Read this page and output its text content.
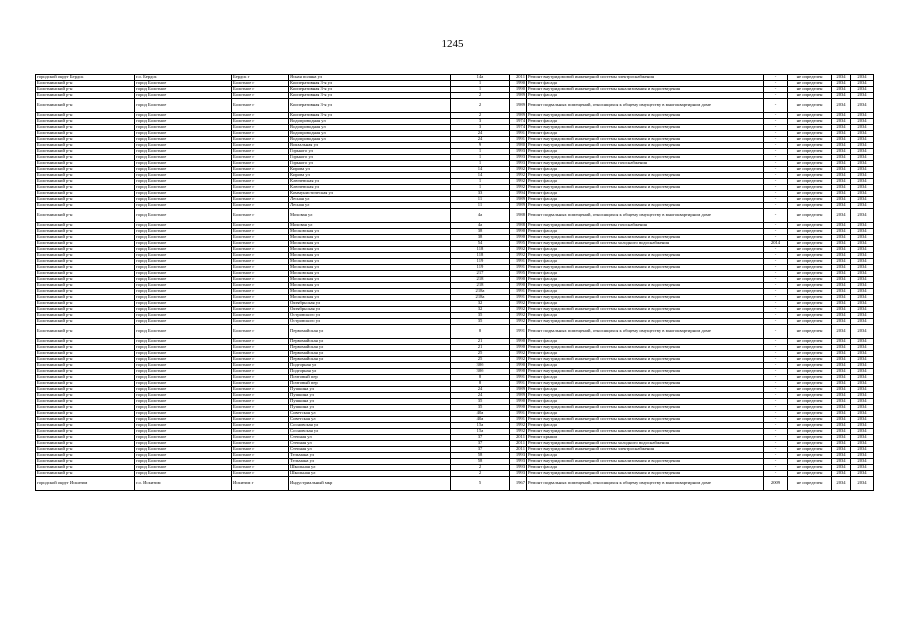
1245
городской округ Бердск	г.о. Бердск	Бердск г	Ясная поляна ул	14а	2011	Ремонт внутридомовой инженерной системы электроснабжения	-	не определен	2034	2034
Болотнинский р-н	город Болотное	Болотное г	Кооперативная 3-я ул	1	1990	Ремонт фасада	-	не определен	2034	2034
Болотнинский р-н	город Болотное	Болотное г	Кооперативная 3-я ул	1	1990	Ремонт внутридомовой инженерной системы канализования и водоотведения	-	не определен	2034	2034
Болотнинский р-н	город Болотное	Болотное г	Кооперативная 3-я ул	2	1989	Ремонт фасада	-	не определен	2034	2034
Болотнинский р-н	город Болотное	Болотное г	Кооперативная 3-я ул	2	1989	Ремонт подвальных помещений, относящихся к общему имуществу в многоквартирном доме	-	не определен	2034	2034
Болотнинский р-н	город Болотное	Болотное г	Кооперативная 3-я ул	2	1989	Ремонт внутридомовой инженерной системы канализования и водоотведения	-	не определен	2034	2034
Болотнинский р-н	город Болотное	Болотное г	Водопроводная ул	3	1974	Ремонт фасада	-	не определен	2034	2034
Болотнинский р-н	город Болотное	Болотное г	Водопроводная ул	3	1974	Ремонт внутридомовой инженерной системы канализования и водоотведения	-	не определен	2034	2034
Болотнинский р-н	город Болотное	Болотное г	Водопроводная ул	24	1991	Ремонт фасада	-	не определен	2034	2034
Болотнинский р-н	город Болотное	Болотное г	Водопроводная ул	24	1991	Ремонт внутридомовой инженерной системы канализования и водоотведения	-	не определен	2034	2034
Болотнинский р-н	город Болотное	Болотное г	Вокзальная ул	9	1980	Ремонт внутридомовой инженерной системы канализования и водоотведения	-	не определен	2034	2034
Болотнинский р-н	город Болотное	Болотное г	Горького ул	1	1993	Ремонт фасада	-	не определен	2034	2034
Болотнинский р-н	город Болотное	Болотное г	Горького ул	1	1993	Ремонт внутридомовой инженерной системы канализования и водоотведения	-	не определен	2034	2034
Болотнинский р-н	город Болотное	Болотное г	Горького ул	1	1993	Ремонт внутридомовой инженерной системы газоснабжения	-	не определен	2034	2034
Болотнинский р-н	город Болотное	Болотное г	Кирова ул	14	1992	Ремонт фасада	-	не определен	2034	2034
Болотнинский р-н	город Болотное	Болотное г	Кирова ул	14	1992	Ремонт внутридомовой инженерной системы канализования и водоотведения	-	не определен	2034	2034
Болотнинский р-н	город Болотное	Болотное г	Ключевская ул	1	1992	Ремонт фасада	-	не определен	2034	2034
Болотнинский р-н	город Болотное	Болотное г	Ключевская ул	1	1992	Ремонт внутридомовой инженерной системы канализования и водоотведения	-	не определен	2034	2034
Болотнинский р-н	город Болотное	Болотное г	Коммунистическая ул	33	1994	Ремонт фасада	-	не определен	2034	2034
Болотнинский р-н	город Болотное	Болотное г	Лесная ул	11	1989	Ремонт фасада	-	не определен	2034	2034
Болотнинский р-н	город Болотное	Болотное г	Лесная ул	11	1989	Ремонт внутридомовой инженерной системы канализования и водоотведения	-	не определен	2034	2034
Болотнинский р-н	город Болотное	Болотное г	Моховая ул	4а	1988	Ремонт подвальных помещений, относящихся к общему имуществу в многоквартирном доме	-	не определен	2034	2034
Болотнинский р-н	город Болотное	Болотное г	Моховая ул	4а	1988	Ремонт внутридомовой инженерной системы газоснабжения	-	не определен	2034	2034
Болотнинский р-н	город Болотное	Болотное г	Московская ул	38	1990	Ремонт фасада	-	не определен	2034	2034
Болотнинский р-н	город Болотное	Болотное г	Московская ул	38	1990	Ремонт внутридомовой инженерной системы канализования и водоотведения	-	не определен	2034	2034
Болотнинский р-н	город Болотное	Болотное г	Московская ул	54	1995	Ремонт внутридомовой инженерной системы холодного водоснабжения	2014	не определен	2034	2034
Болотнинский р-н	город Болотное	Болотное г	Московская ул	118	1992	Ремонт фасада	-	не определен	2034	2034
Болотнинский р-н	город Болотное	Болотное г	Московская ул	118	1992	Ремонт внутридомовой инженерной системы канализования и водоотведения	-	не определен	2034	2034
Болотнинский р-н	город Болотное	Болотное г	Московская ул	119	1991	Ремонт фасада	-	не определен	2034	2034
Болотнинский р-н	город Болотное	Болотное г	Московская ул	119	1991	Ремонт внутридомовой инженерной системы канализования и водоотведения	-	не определен	2034	2034
Болотнинский р-н	город Болотное	Болотное г	Московская ул	217	1995	Ремонт фасада	-	не определен	2034	2034
Болотнинский р-н	город Болотное	Болотное г	Московская ул	218	1990	Ремонт фасада	-	не определен	2034	2034
Болотнинский р-н	город Болотное	Болотное г	Московская ул	218	1990	Ремонт внутридомовой инженерной системы канализования и водоотведения	-	не определен	2034	2034
Болотнинский р-н	город Болотное	Болотное г	Московская ул	218а	1991	Ремонт фасада	-	не определен	2034	2034
Болотнинский р-н	город Болотное	Болотное г	Московская ул	218а	1991	Ремонт внутридомовой инженерной системы канализования и водоотведения	-	не определен	2034	2034
Болотнинский р-н	город Болотное	Болотное г	Октябрьская ул	32	1992	Ремонт фасада	-	не определен	2034	2034
Болотнинский р-н	город Болотное	Болотное г	Октябрьская ул	32	1992	Ремонт внутридомовой инженерной системы канализования и водоотведения	-	не определен	2034	2034
Болотнинский р-н	город Болотное	Болотное г	Островского ул	35	1992	Ремонт фасада	-	не определен	2034	2034
Болотнинский р-н	город Болотное	Болотное г	Островского ул	35	1992	Ремонт внутридомовой инженерной системы канализования и водоотведения	-	не определен	2034	2034
Болотнинский р-н	город Болотное	Болотное г	Первомайская ул	8	1991	Ремонт подвальных помещений, относящихся к общему имуществу в многоквартирном доме	-	не определен	2034	2034
Болотнинский р-н	город Болотное	Болотное г	Первомайская ул	21	1990	Ремонт фасада	-	не определен	2034	2034
Болотнинский р-н	город Болотное	Болотное г	Первомайская ул	21	1990	Ремонт внутридомовой инженерной системы канализования и водоотведения	-	не определен	2034	2034
Болотнинский р-н	город Болотное	Болотное г	Первомайская ул	25	1992	Ремонт фасада	-	не определен	2034	2034
Болотнинский р-н	город Болотное	Болотное г	Первомайская ул	25	1992	Ремонт внутридомовой инженерной системы канализования и водоотведения	-	не определен	2034	2034
Болотнинский р-н	город Болотное	Болотное г	Подгорная ул	30б	1990	Ремонт фасада	-	не определен	2034	2034
Болотнинский р-н	город Болотное	Болотное г	Подгорная ул	30б	1990	Ремонт внутридомовой инженерной системы канализования и водоотведения	-	не определен	2034	2034
Болотнинский р-н	город Болотное	Болотное г	Почтовый пер	8	1991	Ремонт фасада	-	не определен	2034	2034
Болотнинский р-н	город Болотное	Болотное г	Почтовый пер	8	1991	Ремонт внутридомовой инженерной системы канализования и водоотведения	-	не определен	2034	2034
Болотнинский р-н	город Болотное	Болотное г	Пушкина ул	24	1989	Ремонт фасада	-	не определен	2034	2034
Болотнинский р-н	город Болотное	Болотное г	Пушкина ул	24	1989	Ремонт внутридомовой инженерной системы канализования и водоотведения	-	не определен	2034	2034
Болотнинский р-н	город Болотное	Болотное г	Пушкина ул	35	1990	Ремонт фасада	-	не определен	2034	2034
Болотнинский р-н	город Болотное	Болотное г	Пушкина ул	35	1990	Ремонт внутридомовой инженерной системы канализования и водоотведения	-	не определен	2034	2034
Болотнинский р-н	город Болотное	Болотное г	Советская ул	40а	1991	Ремонт фасада	-	не определен	2034	2034
Болотнинский р-н	город Болотное	Болотное г	Советская ул	40а	1991	Ремонт внутридомовой инженерной системы канализования и водоотведения	-	не определен	2034	2034
Болотнинский р-н	город Болотное	Болотное г	Сосновская ул	15а	1992	Ремонт фасада	-	не определен	2034	2034
Болотнинский р-н	город Болотное	Болотное г	Сосновская ул	15а	1992	Ремонт внутридомовой инженерной системы канализования и водоотведения	-	не определен	2034	2034
Болотнинский р-н	город Болотное	Болотное г	Степная ул	37	2011	Ремонт крыши	-	не определен	2034	2034
Болотнинский р-н	город Болотное	Болотное г	Степная ул	37	2011	Ремонт внутридомовой инженерной системы холодного водоснабжения	-	не определен	2034	2034
Болотнинский р-н	город Болотное	Болотное г	Степная ул	37	2011	Ремонт внутридомовой инженерной системы электроснабжения	-	не определен	2034	2034
Болотнинский р-н	город Болотное	Болотное г	Тельмана ул	58	1993	Ремонт фасада	-	не определен	2034	2034
Болотнинский р-н	город Болотное	Болотное г	Тельмана ул	58	1993	Ремонт внутридомовой инженерной системы канализования и водоотведения	-	не определен	2034	2034
Болотнинский р-н	город Болотное	Болотное г	Школьная ул	2	1993	Ремонт фасада	-	не определен	2034	2034
Болотнинский р-н	город Болотное	Болотное г	Школьная ул	2	1993	Ремонт внутридомовой инженерной системы канализования и водоотведения	-	не определен	2034	2034
городской округ Искитим	г.о. Искитим	Искитим г	Индустриальный мкр	5	1967	Ремонт подвальных помещений, относящихся к общему имуществу в многоквартирном доме	2009	не определен	2034	2034
